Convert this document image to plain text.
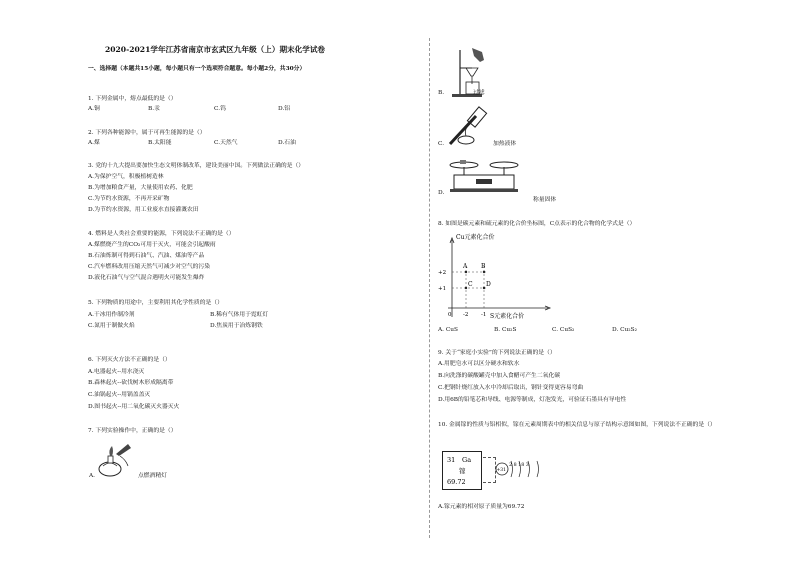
2020-2021学年江苏省南京市玄武区九年级（上）期末化学试卷
一、选择题（本题共15小题，每小题只有一个选项符合题意。每小题2分，共30分）
1. 下列金属中，熔点最低的是（）
A.铜	B.汞	C.钨	D.铝
2. 下列各种能源中，属于可再生能源的是（）
A.煤	B.太阳能	C.天然气	D.石油
3. 党的十九大提出要加快生态文明体制改革，建设美丽中国。下列做法正确的是（）
A.为保护空气，积极植树造林
B.为增加粮食产量，大量使用农药、化肥
C.为节约水资源，不再开采矿物
D.为节约水资源，用工业废水直接灌溉农田
4. 燃料是人类社会重要的能源，下列说法不正确的是（）
A.煤燃烧产生的CO₂可用于灭火，可能会引起酸雨
B.石油炼制可得到石油气、汽油、煤油等产品
C.汽车燃料改用压缩天然气可减少对空气的污染
D.液化石油气与空气混合遇明火可能发生爆炸
5. 下列物质的用途中，主要利用其化学性质的是（）
A.干冰用作制冷剂	B.稀有气体用于霓虹灯
C.氮用于制做火焰	D.焦炭用于冶炼钢铁
6. 下列灭火方法不正确的是（）
A.电器起火--用水浇灭
B.森林起火--砍伐树木形成隔离带
C.油锅起火--用锅盖盖灭
D.图书起火--用二氧化碳灭火器灭火
7. 下列实验操作中，正确的是（）
A.	点燃酒精灯
B.	过滤
C.	加热液体
D.
称量固体
8. 如图是碳元素和硫元素的化合价坐标图，C点表示的化合物的化学式是（）
Cu元素化合价
S元素化合价
+2
+1
0 -2 -1
A B
C D
A. CuS	B. Cu₂S	C. CuS₂	D. Cu₂S₂
9. 关于“家庭小实验”的下列说法正确的是（）
A.用肥皂水可以区分硬水和软水
B.向洗涤的碳酸罐壳中加入食醋可产生二氧化碳
C.把钢针烧红放入水中冷却后取出，钢针变得更容易弯曲
D.用6B的铅笔芯和导线、电源等制成，灯泡发光，可验证石墨具有导电性
10. 金属镓的性质与铝相似，镓在元素周期表中的相关信息与原子结构示意图如图，下列说法不正确的是（）
31 Ga
镓
69.72
+31
2 8 18 3
A.镓元素的相对原子质量为69.72
